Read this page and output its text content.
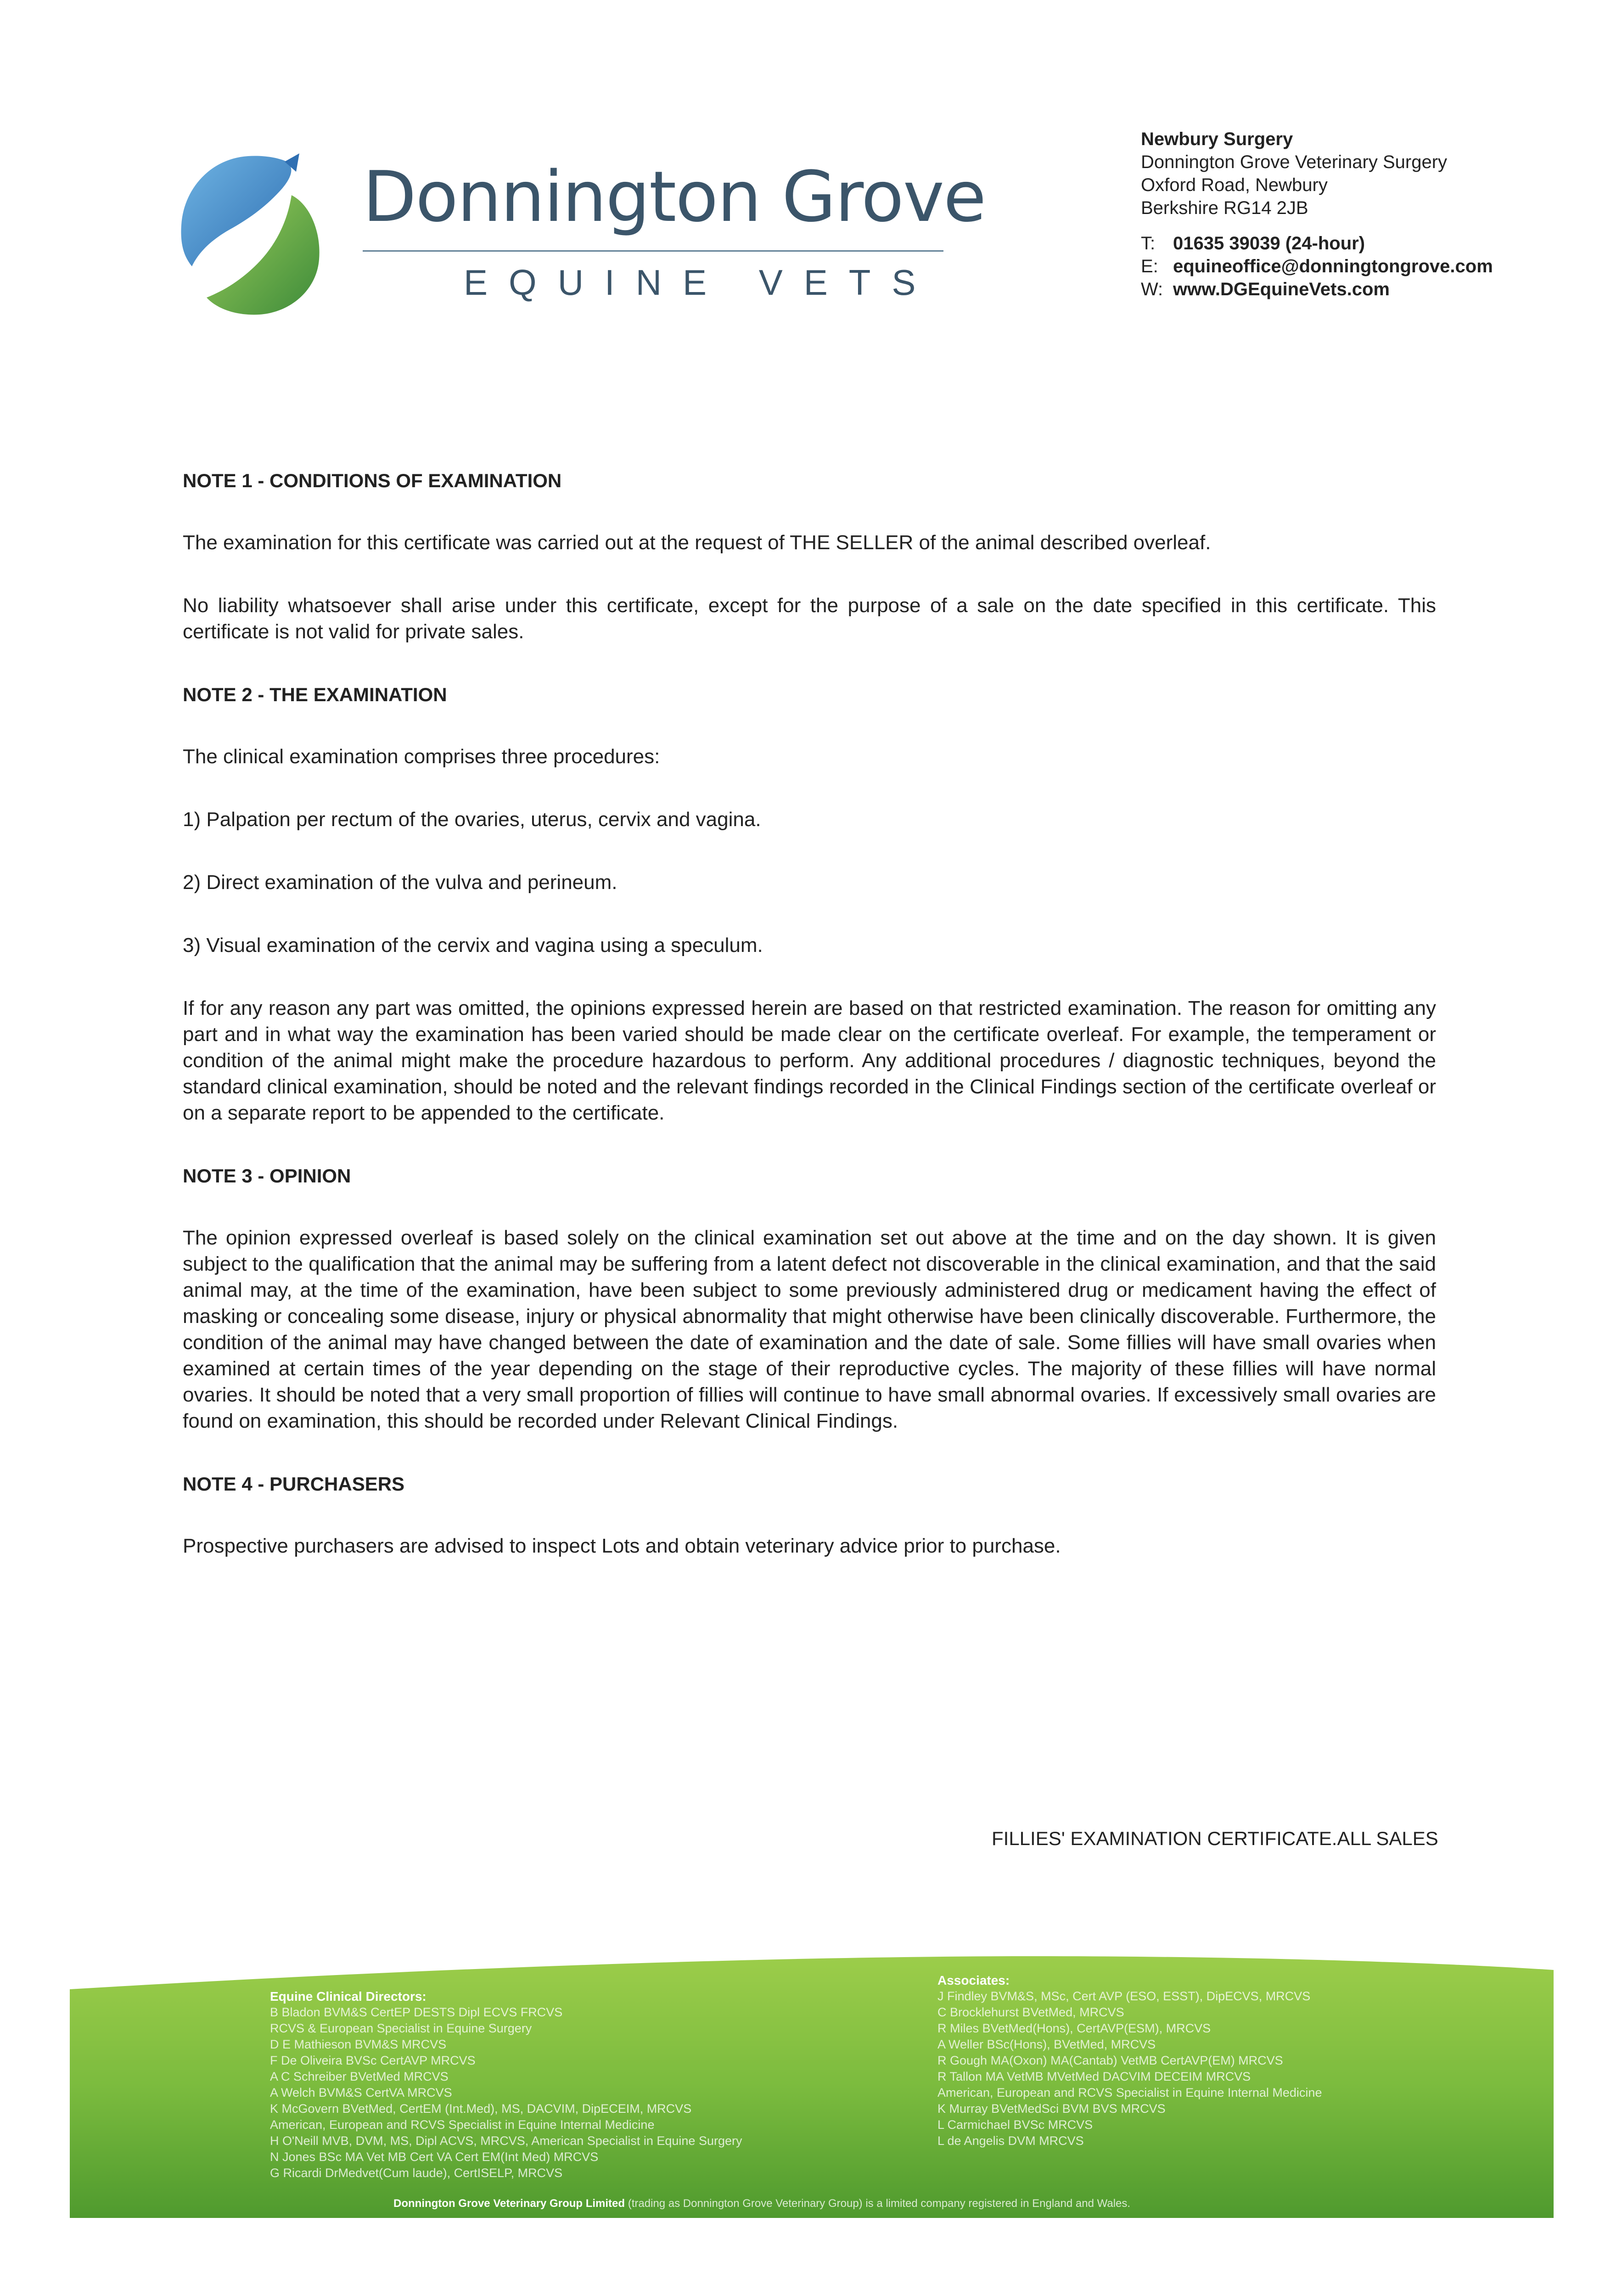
Donnington Grove
EQUINE VETS
Newbury Surgery
Donnington Grove Veterinary Surgery
Oxford Road, Newbury
Berkshire RG14 2JB
T: 01635 39039 (24-hour)
E: equineoffice@donningtongrove.com
W: www.DGEquineVets.com

NOTE 1 - CONDITIONS OF EXAMINATION

The examination for this certificate was carried out at the request of THE SELLER of the animal described overleaf.

No liability whatsoever shall arise under this certificate, except for the purpose of a sale on the date specified in this certificate. This certificate is not valid for private sales.

NOTE 2 - THE EXAMINATION

The clinical examination comprises three procedures:

1) Palpation per rectum of the ovaries, uterus, cervix and vagina.

2) Direct examination of the vulva and perineum.

3) Visual examination of the cervix and vagina using a speculum.

If for any reason any part was omitted, the opinions expressed herein are based on that restricted examination. The reason for omitting any part and in what way the examination has been varied should be made clear on the certificate overleaf. For example, the temperament or condition of the animal might make the procedure hazardous to perform. Any additional procedures / diagnostic techniques, beyond the standard clinical examination, should be noted and the relevant findings recorded in the Clinical Findings section of the certificate overleaf or on a separate report to be appended to the certificate.

NOTE 3 - OPINION

The opinion expressed overleaf is based solely on the clinical examination set out above at the time and on the day shown. It is given subject to the qualification that the animal may be suffering from a latent defect not discoverable in the clinical examination, and that the said animal may, at the time of the examination, have been subject to some previously administered drug or medicament having the effect of masking or concealing some disease, injury or physical abnormality that might otherwise have been clinically discoverable. Furthermore, the condition of the animal may have changed between the date of examination and the date of sale. Some fillies will have small ovaries when examined at certain times of the year depending on the stage of their reproductive cycles. The majority of these fillies will have normal ovaries. It should be noted that a very small proportion of fillies will continue to have small abnormal ovaries. If excessively small ovaries are found on examination, this should be recorded under Relevant Clinical Findings.

NOTE 4 - PURCHASERS

Prospective purchasers are advised to inspect Lots and obtain veterinary advice prior to purchase.

FILLIES' EXAMINATION CERTIFICATE.ALL SALES
Equine Clinical Directors:
B Bladon BVM&S CertEP DESTS Dipl ECVS FRCVS
RCVS & European Specialist in Equine Surgery
D E Mathieson BVM&S MRCVS
F De Oliveira BVSc CertAVP MRCVS
A C Schreiber BVetMed MRCVS
A Welch BVM&S CertVA MRCVS
K McGovern BVetMed, CertEM (Int.Med), MS, DACVIM, DipECEIM, MRCVS
American, European and RCVS Specialist in Equine Internal Medicine
H O'Neill MVB, DVM, MS, Dipl ACVS, MRCVS, American Specialist in Equine Surgery
N Jones BSc MA Vet MB Cert VA Cert EM(Int Med) MRCVS
G Ricardi DrMedvet(Cum laude), CertISELP, MRCVS
Associates:
J Findley BVM&S, MSc, Cert AVP (ESO, ESST), DipECVS, MRCVS
C Brocklehurst BVetMed, MRCVS
R Miles BVetMed(Hons), CertAVP(ESM), MRCVS
A Weller BSc(Hons), BVetMed, MRCVS
R Gough MA(Oxon) MA(Cantab) VetMB CertAVP(EM) MRCVS
R Tallon MA VetMB MVetMed DACVIM DECEIM MRCVS
American, European and RCVS Specialist in Equine Internal Medicine
K Murray BVetMedSci BVM BVS MRCVS
L Carmichael BVSc MRCVS
L de Angelis DVM MRCVS
Donnington Grove Veterinary Group Limited (trading as Donnington Grove Veterinary Group) is a limited company registered in England and Wales.
